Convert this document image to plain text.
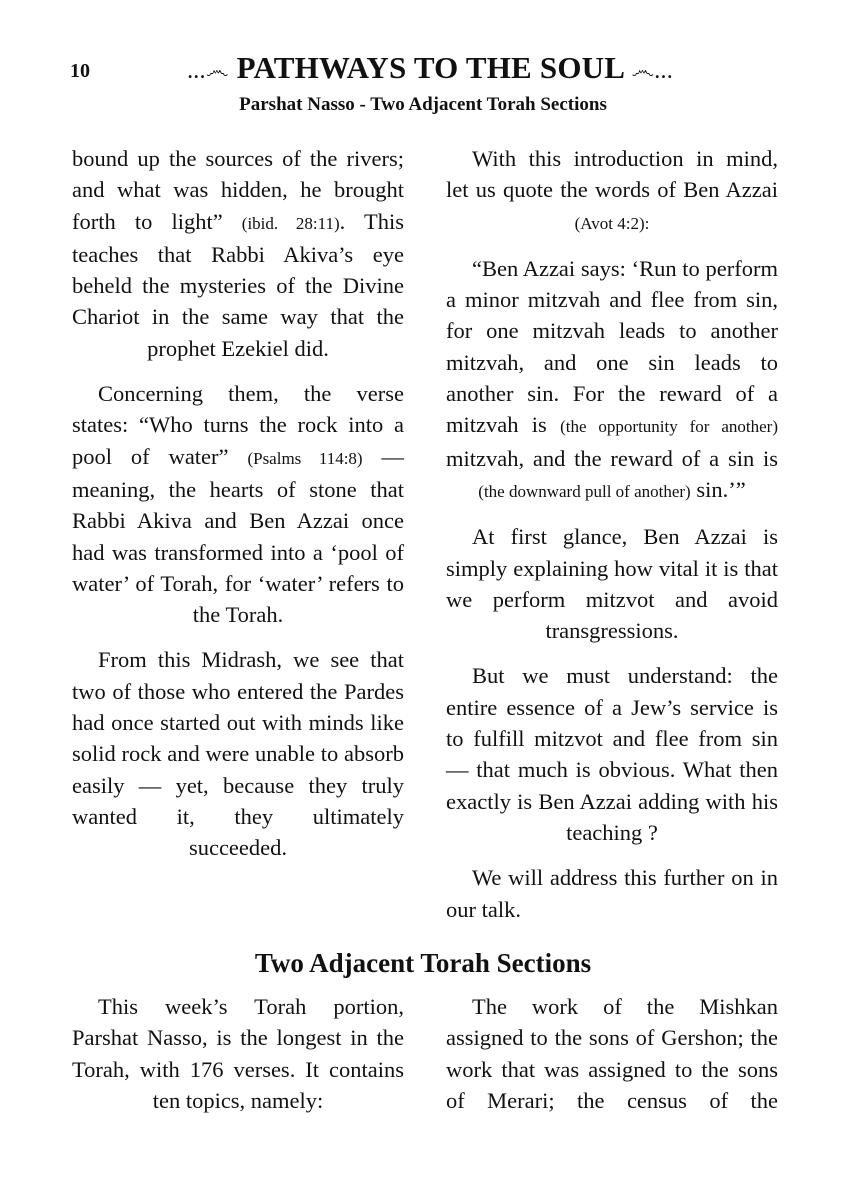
10	...෴ PATHWAYS TO THE SOUL ෴...
Parshat Nasso - Two Adjacent Torah Sections

bound up the sources of the rivers; and what was hidden, he brought forth to light” (ibid. 28:11). This teaches that Rabbi Akiva’s eye beheld the mysteries of the Divine Chariot in the same way that the prophet Ezekiel did.

Concerning them, the verse states: “Who turns the rock into a pool of water” (Psalms 114:8) — meaning, the hearts of stone that Rabbi Akiva and Ben Azzai once had was transformed into a ‘pool of water’ of Torah, for ‘water’ refers to the Torah.

From this Midrash, we see that two of those who entered the Pardes had once started out with minds like solid rock and were unable to absorb easily — yet, because they truly wanted it, they ultimately succeeded.

With this introduction in mind, let us quote the words of Ben Azzai (Avot 4:2):

“Ben Azzai says: ‘Run to perform a minor mitzvah and flee from sin, for one mitzvah leads to another mitzvah, and one sin leads to another sin. For the reward of a mitzvah is (the opportunity for another) mitzvah, and the reward of a sin is (the downward pull of another) sin.’”

At first glance, Ben Azzai is simply explaining how vital it is that we perform mitzvot and avoid transgressions.

But we must understand: the entire essence of a Jew’s service is to fulfill mitzvot and flee from sin — that much is obvious. What then exactly is Ben Azzai adding with his teaching ?

We will address this further on in our talk.

Two Adjacent Torah Sections

This week’s Torah portion, Parshat Nasso, is the longest in the Torah, with 176 verses. It contains ten topics, namely:

The work of the Mishkan assigned to the sons of Gershon; the work that was assigned to the sons of Merari; the census of the
